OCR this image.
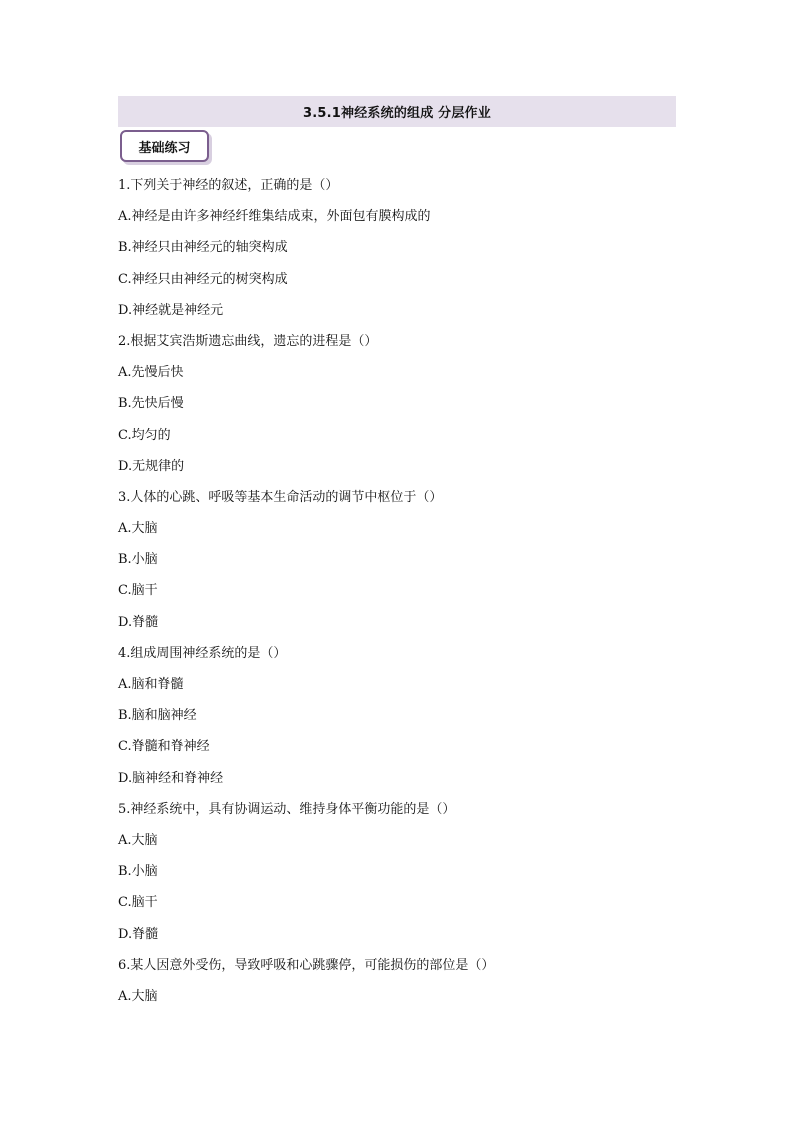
3.5.1神经系统的组成 分层作业
基础练习
1.下列关于神经的叙述，正确的是（）
A.神经是由许多神经纤维集结成束，外面包有膜构成的
B.神经只由神经元的轴突构成
C.神经只由神经元的树突构成
D.神经就是神经元
2.根据艾宾浩斯遗忘曲线，遗忘的进程是（）
A.先慢后快
B.先快后慢
C.均匀的
D.无规律的
3.人体的心跳、呼吸等基本生命活动的调节中枢位于（）
A.大脑
B.小脑
C.脑干
D.脊髓
4.组成周围神经系统的是（）
A.脑和脊髓
B.脑和脑神经
C.脊髓和脊神经
D.脑神经和脊神经
5.神经系统中，具有协调运动、维持身体平衡功能的是（）
A.大脑
B.小脑
C.脑干
D.脊髓
6.某人因意外受伤，导致呼吸和心跳骤停，可能损伤的部位是（）
A.大脑
